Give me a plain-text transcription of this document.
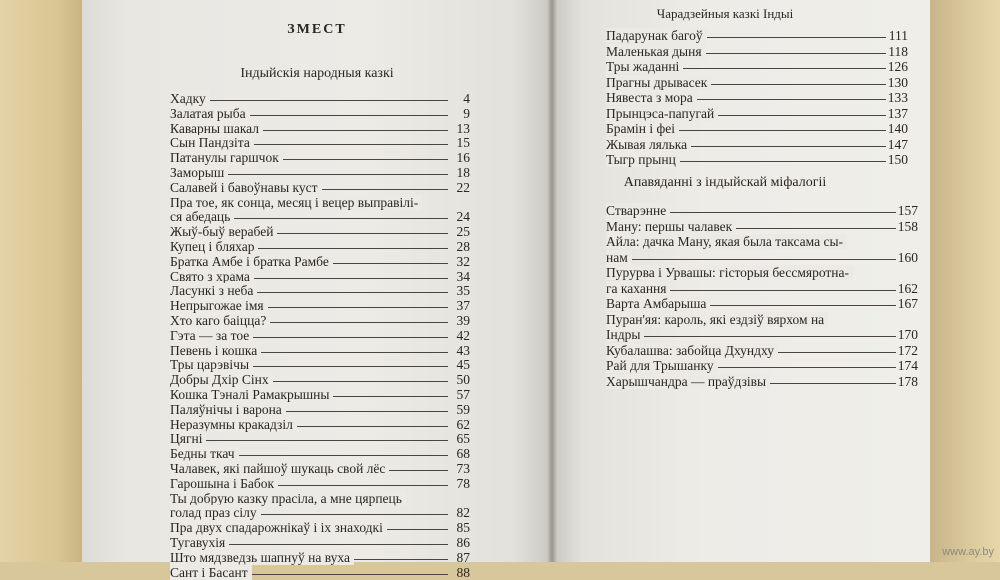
ЗМЕСТ
Індыйскія народныя казкі
Хадку	4
Залатая рыба	9
Каварны шакал	13
Сын Пандзіта	15
Патанулы гаршчок	16
Заморыш	18
Салавей і бавоўнавы куст	22
Пра тое, як сонца, месяц і вецер выправілі-
ся абедаць	24
Жыў-быў верабей	25
Купец і бляхар	28
Братка Амбе і братка Рамбе	32
Свято з храма	34
Ласункі з неба	35
Непрыгожае імя	37
Хто каго баіцца?	39
Гэта — за тое	42
Певень і кошка	43
Тры царэвічы	45
Добры Дхір Сінх	50
Кошка Тэналі Рамакрышны	57
Паляўнічы і варона	59
Неразумны кракадзіл	62
Цягні	65
Бедны ткач	68
Чалавек, які пайшоў шукаць свой лёс	73
Гарошына і Бабок	78
Ты добрую казку прасіла, а мне цярпець
голад праз сілу	82
Пра двух спадарожнікаў і іх знаходкі	85
Тугавухія	86
Што мядзведзь шапнуў на вуха	87
Сант і Басант	88
Чарадзейныя казкі Індыі
Падарунак багоў	111
Маленькая дыня	118
Тры жаданні	126
Прагны дрывасек	130
Нявеста з мора	133
Прынцэса-папугай	137
Брамін і феі	140
Жывая лялька	147
Тыгр прынц	150
Апавяданні з індыйскай міфалогіі
Стварэнне	157
Ману: першы чалавек	158
Айла: дачка Ману, якая была таксама сы-
нам	160
Пурурва і Урвашы: гісторыя бессмяротна-
га кахання	162
Варта Амбарыша	167
Пуран'яя: кароль, які ездзіў вярхом на
Індры	170
Кубалашва: забойца Дхундху	172
Рай для Трышанку	174
Харышчандра — праўдзівы	178
www.ay.by
